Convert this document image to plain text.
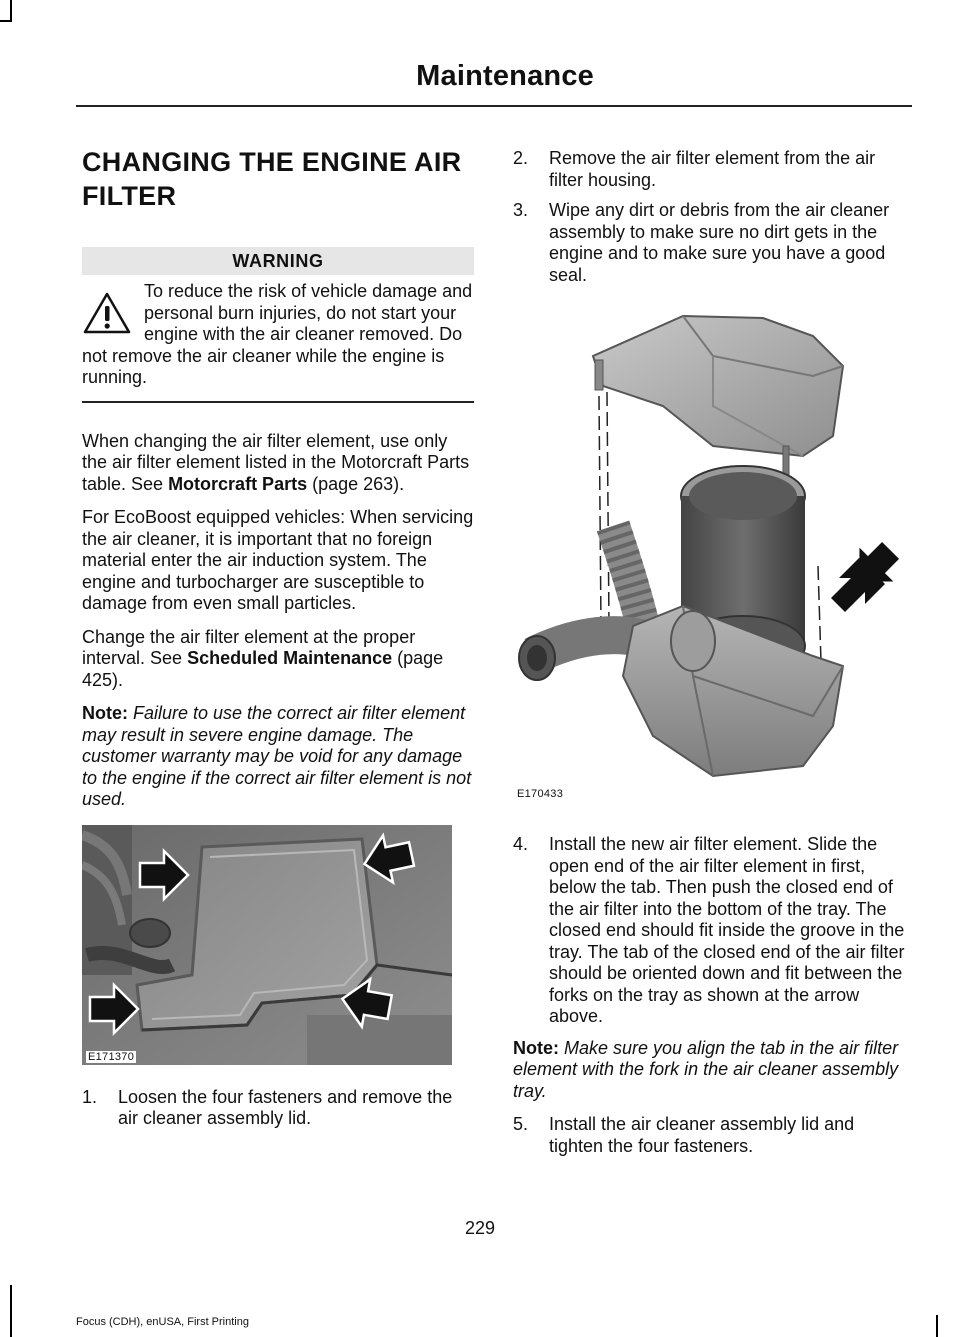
Maintenance
CHANGING THE ENGINE AIR FILTER
WARNING
To reduce the risk of vehicle damage and personal burn injuries, do not start your engine with the air cleaner removed. Do not remove the air cleaner while the engine is running.

When changing the air filter element, use only the air filter element listed in the Motorcraft Parts table. See Motorcraft Parts (page 263).

For EcoBoost equipped vehicles: When servicing the air cleaner, it is important that no foreign material enter the air induction system. The engine and turbocharger are susceptible to damage from even small particles.

Change the air filter element at the proper interval. See Scheduled Maintenance (page 425).

Note: Failure to use the correct air filter element may result in severe engine damage. The customer warranty may be void for any damage to the engine if the correct air filter element is not used.

E171370
1. Loosen the four fasteners and remove the air cleaner assembly lid.
2. Remove the air filter element from the air filter housing.
3. Wipe any dirt or debris from the air cleaner assembly to make sure no dirt gets in the engine and to make sure you have a good seal.
E170433
4. Install the new air filter element. Slide the open end of the air filter element in first, below the tab. Then push the closed end of the air filter into the bottom of the tray. The closed end should fit inside the groove in the tray. The tab of the closed end of the air filter should be oriented down and fit between the forks on the tray as shown at the arrow above.

Note: Make sure you align the tab in the air filter element with the fork in the air cleaner assembly tray.

5. Install the air cleaner assembly lid and tighten the four fasteners.
229
Focus (CDH), enUSA, First Printing
